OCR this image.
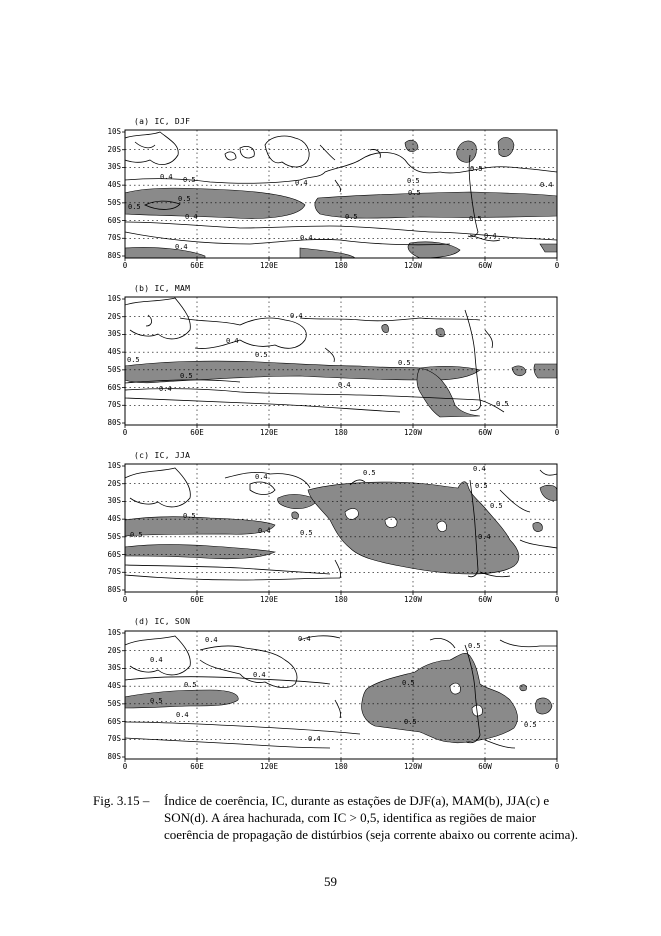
(a) IC, DJF
(b) IC, MAM
(c) IC, JJA
(d) IC, SON
10S
20S
30S
40S
50S
60S
70S
80S
0	60E	120E	180	120W	60W	0
10S
20S
30S
40S
50S
60S
70S
80S
0	60E	120E	180	120W	60W	0
10S
20S
30S
40S
50S
60S
70S
80S
0	60E	120E	180	120W	60W	0
10S
20S
30S
40S
50S
60S
70S
80S
0	60E	120E	180	120W	60W	0
0.4 0.5
0.5
0.5
0.4
0.4
0.5
0.4
0.5
0.5
0.4
0.5
0.5
0.4
0.4
0.4
0.4
0.5
0.5
0.5
0.4	0.4
0.5
0.5
0.4	0.5	0.4
0.5
0.5
0.5
0.4
0.5	0.5	0.4
0.4
0.4
0.4
0.4
0.5
0.5
0.5
0.4
0.4
0.5
0.5	0.5
Fig. 3.15 – Índice de coerência, IC, durante as estações de DJF(a), MAM(b), JJA(c) e SON(d). A área hachurada, com IC > 0,5, identifica as regiões de maior coerência de propagação de distúrbios (seja corrente abaixo ou corrente acima).
59
